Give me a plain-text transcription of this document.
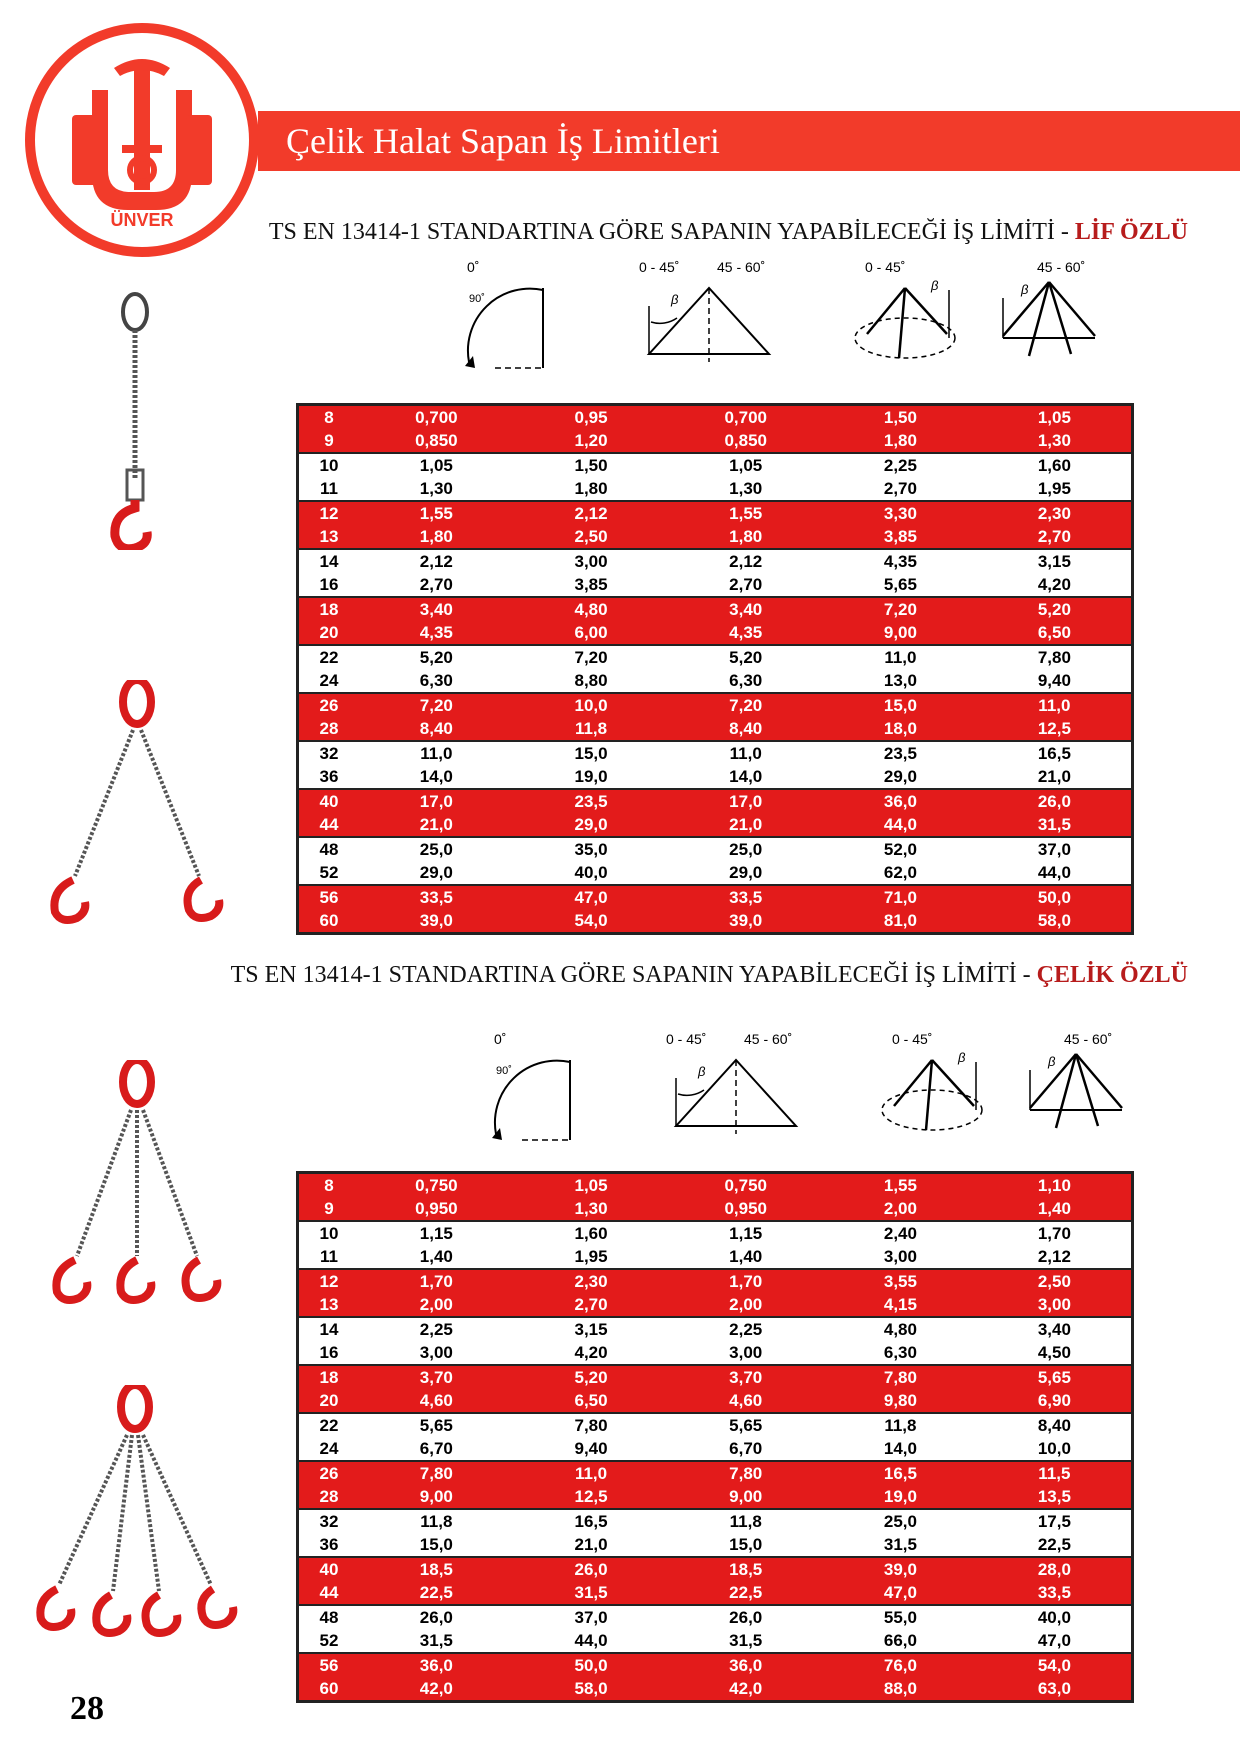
ÜNVER
Çelik Halat Sapan İş Limitleri
TS EN 13414-1 STANDARTINA GÖRE SAPANIN YAPABİLECEĞİ İŞ LİMİTİ - LİF ÖZLÜ
0˚
90˚
0 - 45˚	45 - 60˚
β
0 - 45˚
β
45 - 60˚
β
8	0,700	0,95	0,700	1,50	1,05
9	0,850	1,20	0,850	1,80	1,30
10	1,05	1,50	1,05	2,25	1,60
11	1,30	1,80	1,30	2,70	1,95
12	1,55	2,12	1,55	3,30	2,30
13	1,80	2,50	1,80	3,85	2,70
14	2,12	3,00	2,12	4,35	3,15
16	2,70	3,85	2,70	5,65	4,20
18	3,40	4,80	3,40	7,20	5,20
20	4,35	6,00	4,35	9,00	6,50
22	5,20	7,20	5,20	11,0	7,80
24	6,30	8,80	6,30	13,0	9,40
26	7,20	10,0	7,20	15,0	11,0
28	8,40	11,8	8,40	18,0	12,5
32	11,0	15,0	11,0	23,5	16,5
36	14,0	19,0	14,0	29,0	21,0
40	17,0	23,5	17,0	36,0	26,0
44	21,0	29,0	21,0	44,0	31,5
48	25,0	35,0	25,0	52,0	37,0
52	29,0	40,0	29,0	62,0	44,0
56	33,5	47,0	33,5	71,0	50,0
60	39,0	54,0	39,0	81,0	58,0
TS EN 13414-1 STANDARTINA GÖRE SAPANIN YAPABİLECEĞİ İŞ LİMİTİ - ÇELİK ÖZLÜ
0˚
90˚
0 - 45˚	45 - 60˚
β
0 - 45˚
β
45 - 60˚
β
8	0,750	1,05	0,750	1,55	1,10
9	0,950	1,30	0,950	2,00	1,40
10	1,15	1,60	1,15	2,40	1,70
11	1,40	1,95	1,40	3,00	2,12
12	1,70	2,30	1,70	3,55	2,50
13	2,00	2,70	2,00	4,15	3,00
14	2,25	3,15	2,25	4,80	3,40
16	3,00	4,20	3,00	6,30	4,50
18	3,70	5,20	3,70	7,80	5,65
20	4,60	6,50	4,60	9,80	6,90
22	5,65	7,80	5,65	11,8	8,40
24	6,70	9,40	6,70	14,0	10,0
26	7,80	11,0	7,80	16,5	11,5
28	9,00	12,5	9,00	19,0	13,5
32	11,8	16,5	11,8	25,0	17,5
36	15,0	21,0	15,0	31,5	22,5
40	18,5	26,0	18,5	39,0	28,0
44	22,5	31,5	22,5	47,0	33,5
48	26,0	37,0	26,0	55,0	40,0
52	31,5	44,0	31,5	66,0	47,0
56	36,0	50,0	36,0	76,0	54,0
60	42,0	58,0	42,0	88,0	63,0
28
